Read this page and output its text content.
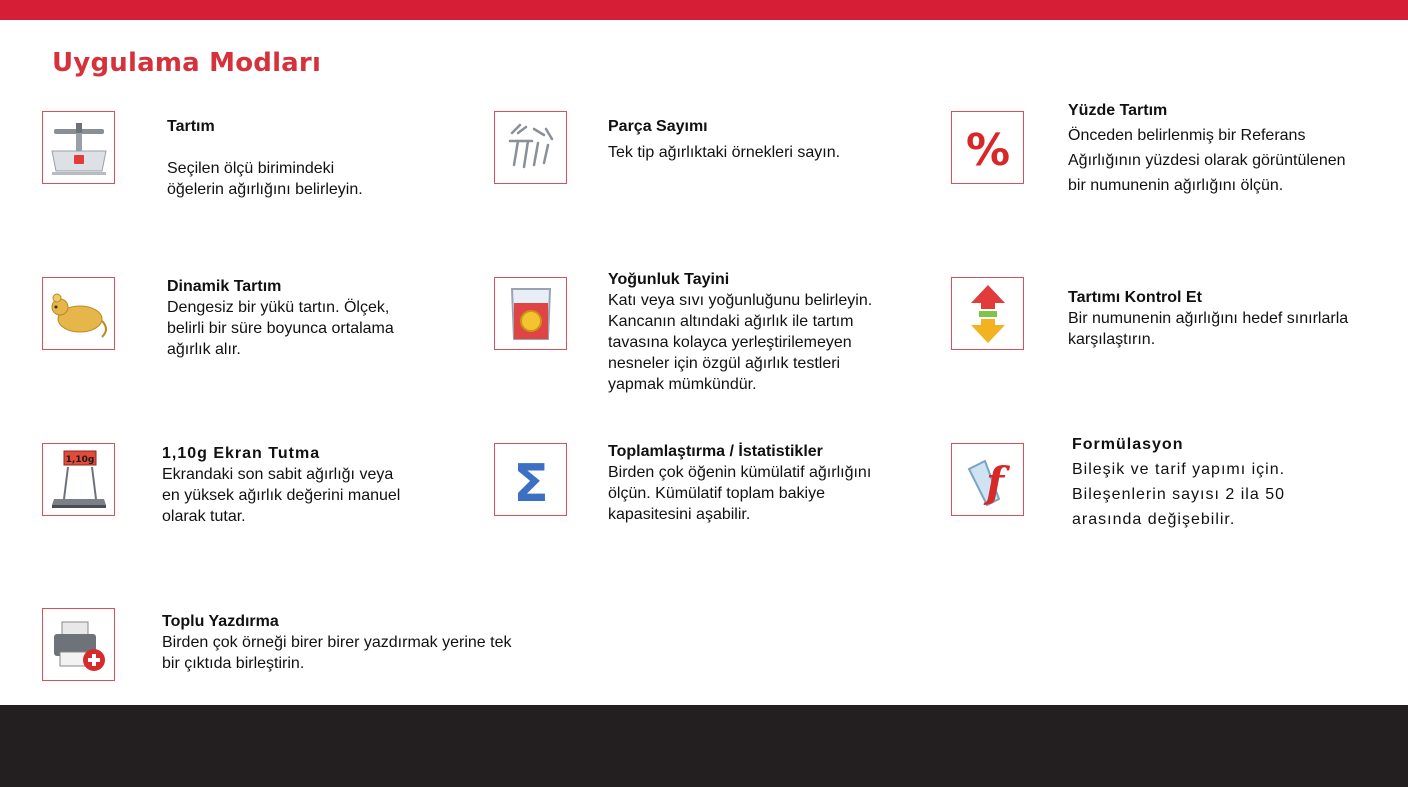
Uygulama Modları
Tartım

Seçilen ölçü birimindeki
öğelerin ağırlığını belirleyin.

Parça Sayımı
Tek tip ağırlıktaki örnekleri sayın.	%
Yüzde Tartım
Önceden belirlenmiş bir Referans
Ağırlığının yüzdesi olarak görüntülenen
bir numunenin ağırlığını ölçün.
Dinamik Tartım
Dengesiz bir yükü tartın. Ölçek,
belirli bir süre boyunca ortalama
ağırlık alır.
Yoğunluk Tayini
Katı veya sıvı yoğunluğunu belirleyin.
Kancanın altındaki ağırlık ile tartım
tavasına kolayca yerleştirilemeyen
nesneler için özgül ağırlık testleri
yapmak mümkündür.
Tartımı Kontrol Et
Bir numunenin ağırlığını hedef sınırlarla
karşılaştırın.
1,10g	1,10g Ekran Tutma
Ekrandaki son sabit ağırlığı veya
en yüksek ağırlık değerini manuel
olarak tutar.
Σ
Toplamlaştırma / İstatistikler
Birden çok öğenin kümülatif ağırlığını
ölçün. Kümülatif toplam bakiye
kapasitesini aşabilir.
f
Formülasyon
Bileşik ve tarif yapımı için.
Bileşenlerin sayısı 2 ila 50
arasında değişebilir.
Toplu Yazdırma
Birden çok örneği birer birer yazdırmak yerine tek
bir çıktıda birleştirin.
